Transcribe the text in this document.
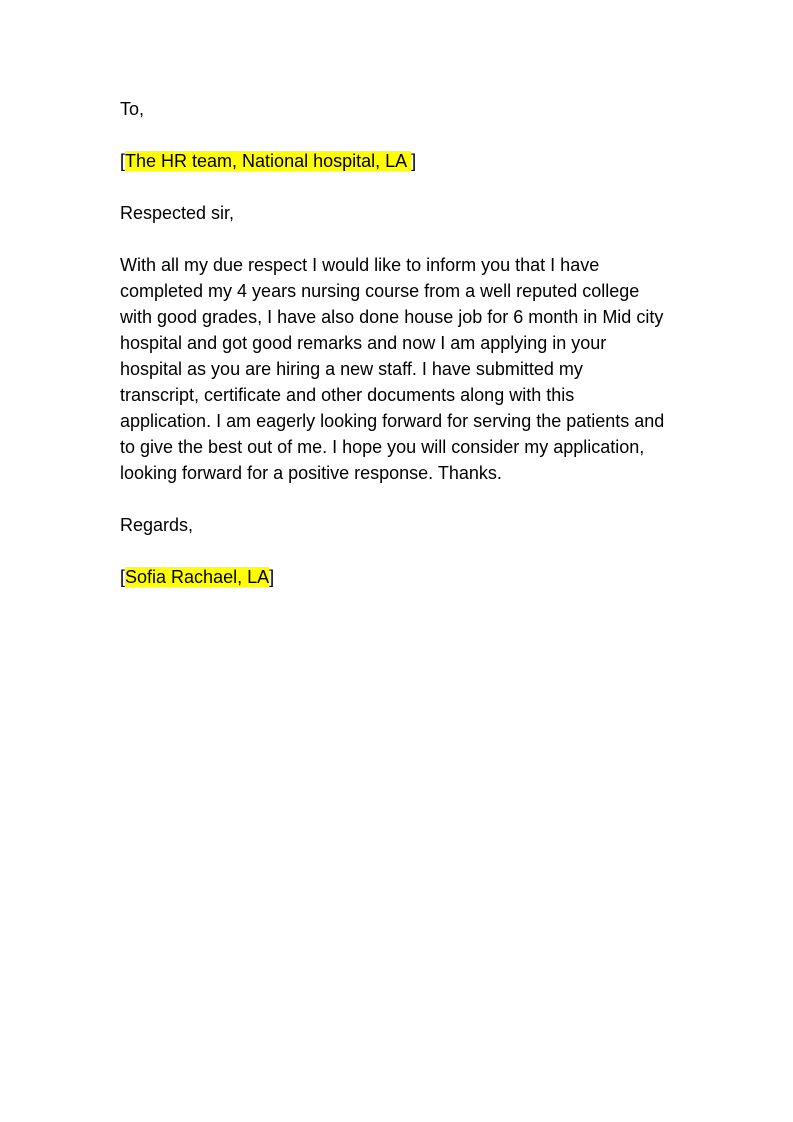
To,

[The HR team, National hospital, LA ]

Respected sir,

With all my due respect I would like to inform you that I have completed my 4 years nursing course from a well reputed college with good grades, I have also done house job for 6 month in Mid city hospital and got good remarks and now I am applying in your hospital as you are hiring a new staff. I have submitted my transcript, certificate and other documents along with this application. I am eagerly looking forward for serving the patients and to give the best out of me. I hope you will consider my application, looking forward for a positive response. Thanks.

Regards,

[Sofia Rachael, LA]
